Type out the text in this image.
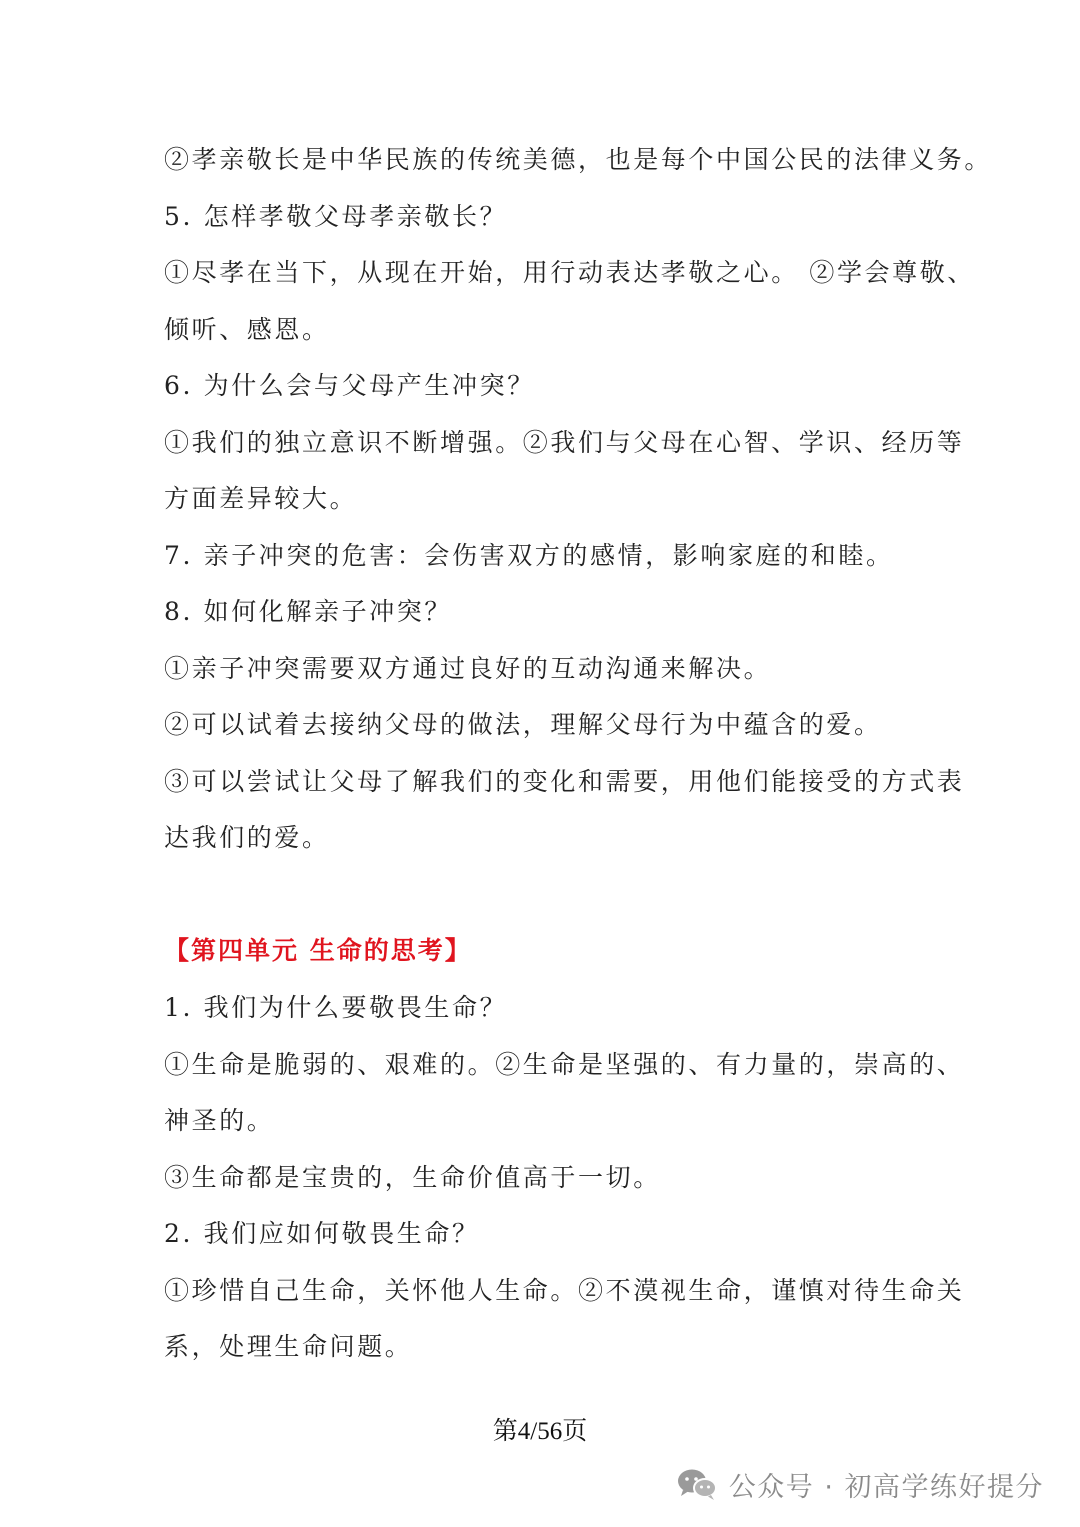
②孝亲敬长是中华民族的传统美德，也是每个中国公民的法律义务。
5. 怎样孝敬父母孝亲敬长？
①尽孝在当下，从现在开始，用行动表达孝敬之心。 ②学会尊敬、
倾听、感恩。
6. 为什么会与父母产生冲突？
①我们的独立意识不断增强。②我们与父母在心智、学识、经历等
方面差异较大。
7. 亲子冲突的危害：会伤害双方的感情，影响家庭的和睦。
8. 如何化解亲子冲突？
①亲子冲突需要双方通过良好的互动沟通来解决。
②可以试着去接纳父母的做法，理解父母行为中蕴含的爱。
③可以尝试让父母了解我们的变化和需要，用他们能接受的方式表
达我们的爱。
【第四单元 生命的思考】
1. 我们为什么要敬畏生命？
①生命是脆弱的、艰难的。②生命是坚强的、有力量的，崇高的、
神圣的。
③生命都是宝贵的，生命价值高于一切。
2. 我们应如何敬畏生命？
①珍惜自己生命，关怀他人生命。②不漠视生命，谨慎对待生命关
系，处理生命问题。
第4/56页
公众号 · 初高学练好提分
